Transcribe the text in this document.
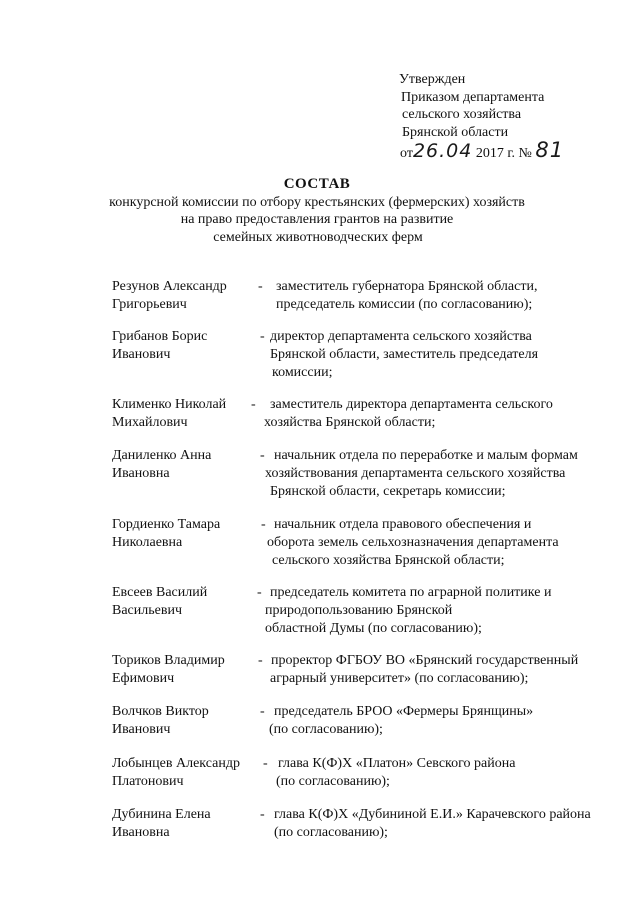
Утвержден
Приказом департамента
сельского хозяйства
Брянской области
от26.04 2017 г. № 81
СОСТАВ
конкурсной комиссии по отбору крестьянских (фермерских) хозяйств
на право предоставления грантов на развитие
семейных животноводческих ферм
Резунов Александр
Григорьевич
- заместитель губернатора Брянской области,
председатель комиссии (по согласованию);
Грибанов Борис
Иванович
- директор департамента сельского хозяйства
Брянской области, заместитель председателя
комиссии;
Клименко Николай
Михайлович
- заместитель директора департамента сельского
хозяйства Брянской области;
Даниленко Анна
Ивановна
- начальник отдела по переработке и малым формам
хозяйствования департамента сельского хозяйства
Брянской области, секретарь комиссии;
Гордиенко Тамара
Николаевна
- начальник отдела правового обеспечения и
оборота земель сельхозназначения департамента
сельского хозяйства Брянской области;
Евсеев Василий
Васильевич
- председатель комитета по аграрной политике и
природопользованию Брянской
областной Думы (по согласованию);
Ториков Владимир
Ефимович
- проректор ФГБОУ ВО «Брянский государственный
аграрный университет» (по согласованию);
Волчков Виктор
Иванович
- председатель БРОО «Фермеры Брянщины»
(по согласованию);
Лобынцев Александр
Платонович
- глава К(Ф)Х «Платон» Севского района
(по согласованию);
Дубинина Елена
Ивановна
- глава К(Ф)Х «Дубининой Е.И.» Карачевского района
(по согласованию);
